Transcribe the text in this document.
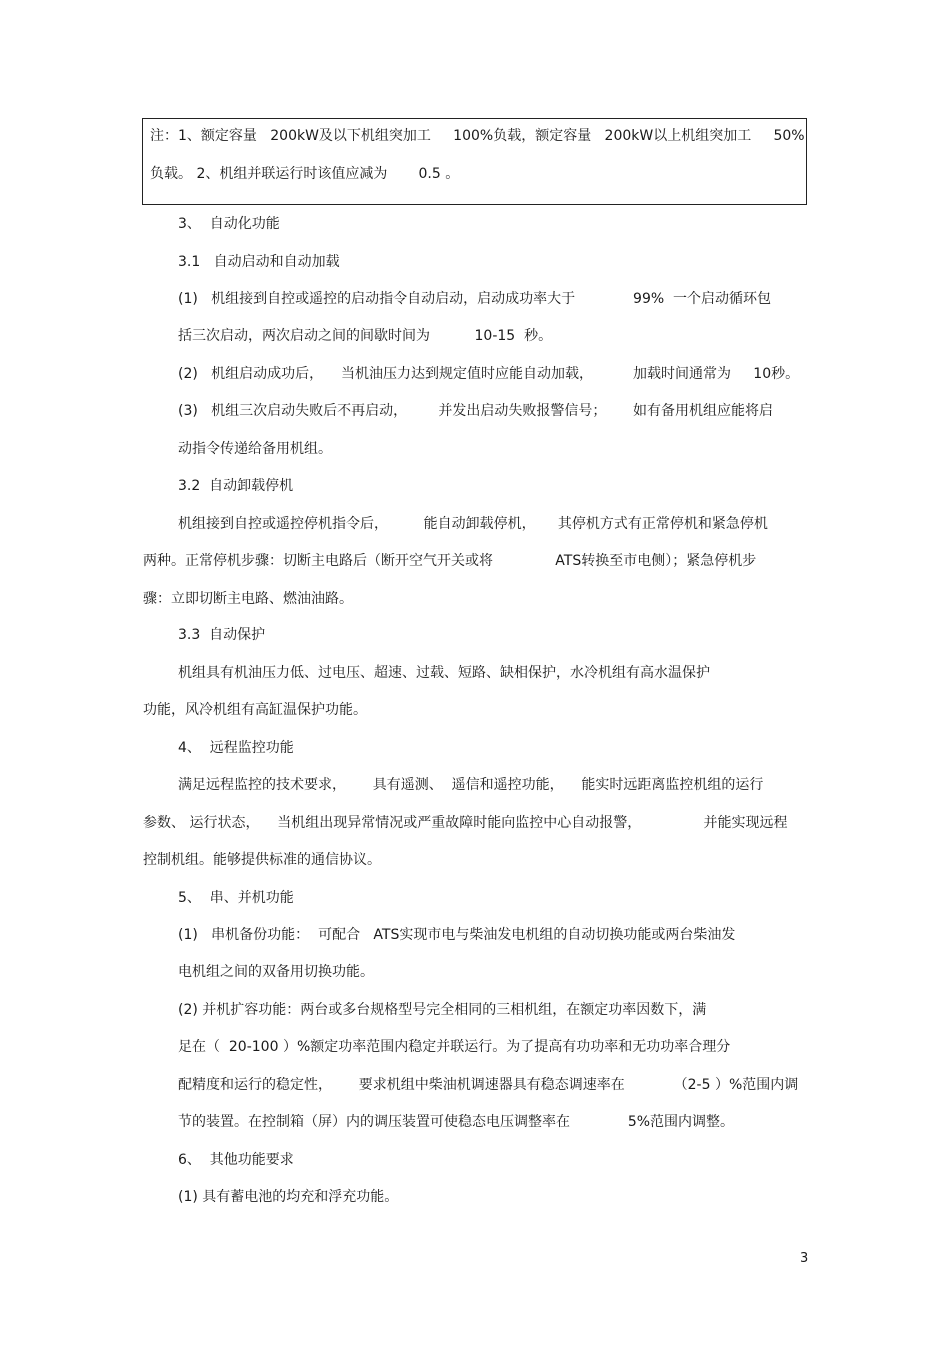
注：1、额定容量   200kW及以下机组突加工     100%负载，额定容量   200kW以上机组突加工     50%
负载。 2、机组并联运行时该值应减为       0.5 。
3、  自动化功能
3.1   自动启动和自动加载
(1)   机组接到自控或遥控的启动指令自动启动，启动成功率大于             99%  一个启动循环包
括三次启动，两次启动之间的间歇时间为          10-15  秒。
(2)   机组启动成功后，    当机油压力达到规定值时应能自动加载，         加载时间通常为     10秒。
(3)   机组三次启动失败后不再启动，       并发出启动失败报警信号；      如有备用机组应能将启
动指令传递给备用机组。
3.2  自动卸载停机
机组接到自控或遥控停机指令后，        能自动卸载停机，     其停机方式有正常停机和紧急停机
两种。正常停机步骤：切断主电路后（断开空气开关或将              ATS转换至市电侧）；紧急停机步
骤：立即切断主电路、燃油油路。
3.3  自动保护
机组具有机油压力低、过电压、超速、过载、短路、缺相保护，水冷机组有高水温保护
功能，风冷机组有高缸温保护功能。
4、  远程监控功能
满足远程监控的技术要求，      具有遥测、  遥信和遥控功能，    能实时远距离监控机组的运行
参数、 运行状态，    当机组出现异常情况或严重故障时能向监控中心自动报警，              并能实现远程
控制机组。能够提供标准的通信协议。
5、  串、并机功能
(1)   串机备份功能：  可配合   ATS实现市电与柴油发电机组的自动切换功能或两台柴油发
电机组之间的双备用切换功能。
(2) 并机扩容功能：两台或多台规格型号完全相同的三相机组，在额定功率因数下，满
足在（  20-100 ）%额定功率范围内稳定并联运行。为了提高有功功率和无功功率合理分
配精度和运行的稳定性，      要求机组中柴油机调速器具有稳态调速率在           （2-5 ）%范围内调
节的装置。在控制箱（屏）内的调压装置可使稳态电压调整率在             5%范围内调整。
6、  其他功能要求
(1) 具有蓄电池的均充和浮充功能。
3
